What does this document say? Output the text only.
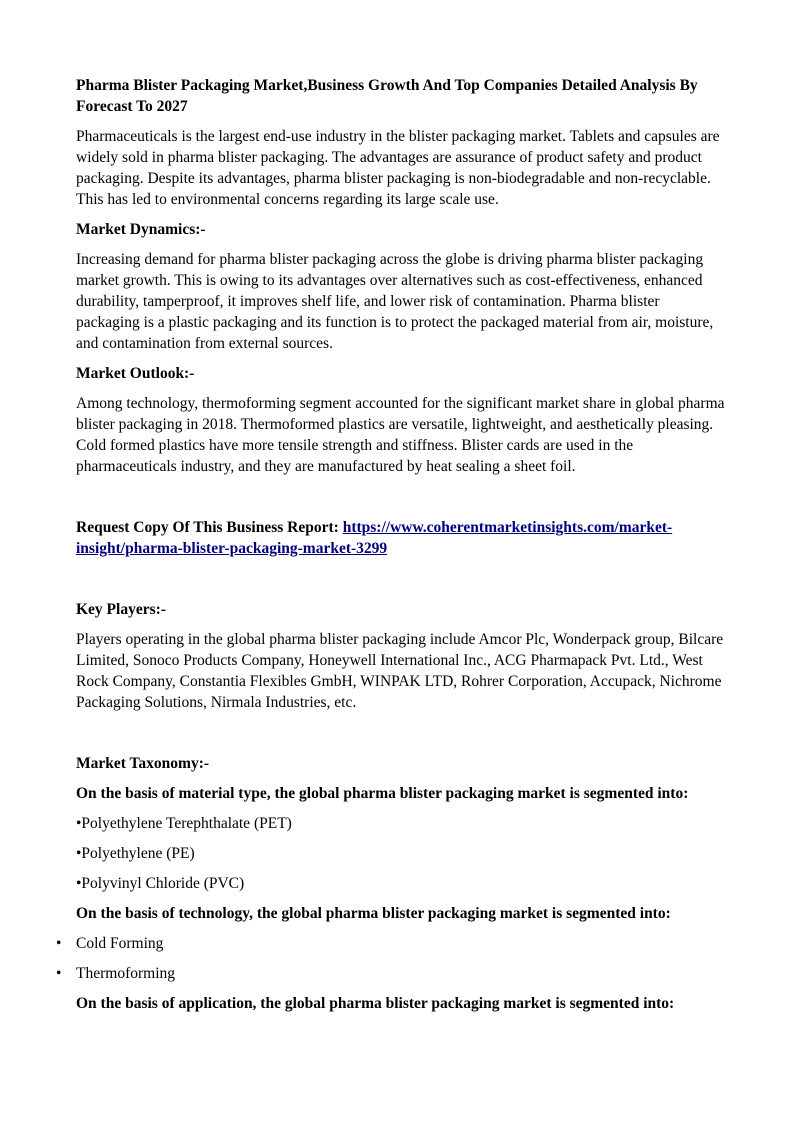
Pharma Blister Packaging Market,Business Growth And Top Companies Detailed Analysis By Forecast To 2027

Pharmaceuticals is the largest end-use industry in the blister packaging market. Tablets and capsules are widely sold in pharma blister packaging. The advantages are assurance of product safety and product packaging. Despite its advantages, pharma blister packaging is non-biodegradable and non-recyclable. This has led to environmental concerns regarding its large scale use.

Market Dynamics:-

Increasing demand for pharma blister packaging across the globe is driving pharma blister packaging market growth. This is owing to its advantages over alternatives such as cost-effectiveness, enhanced durability, tamperproof, it improves shelf life, and lower risk of contamination. Pharma blister packaging is a plastic packaging and its function is to protect the packaged material from air, moisture, and contamination from external sources.

Market Outlook:-

Among technology, thermoforming segment accounted for the significant market share in global pharma blister packaging in 2018. Thermoformed plastics are versatile, lightweight, and aesthetically pleasing. Cold formed plastics have more tensile strength and stiffness. Blister cards are used in the pharmaceuticals industry, and they are manufactured by heat sealing a sheet foil.

Request Copy Of This Business Report: https://www.coherentmarketinsights.com/market-insight/pharma-blister-packaging-market-3299

Key Players:-

Players operating in the global pharma blister packaging include Amcor Plc, Wonderpack group, Bilcare Limited, Sonoco Products Company, Honeywell International Inc., ACG Pharmapack Pvt. Ltd., West Rock Company, Constantia Flexibles GmbH, WINPAK LTD, Rohrer Corporation, Accupack, Nichrome Packaging Solutions, Nirmala Industries, etc.

Market Taxonomy:-

On the basis of material type, the global pharma blister packaging market is segmented into:

•Polyethylene Terephthalate (PET)

•Polyethylene (PE)

•Polyvinyl Chloride (PVC)

On the basis of technology, the global pharma blister packaging market is segmented into:

• Cold Forming
• Thermoforming

On the basis of application, the global pharma blister packaging market is segmented into:
